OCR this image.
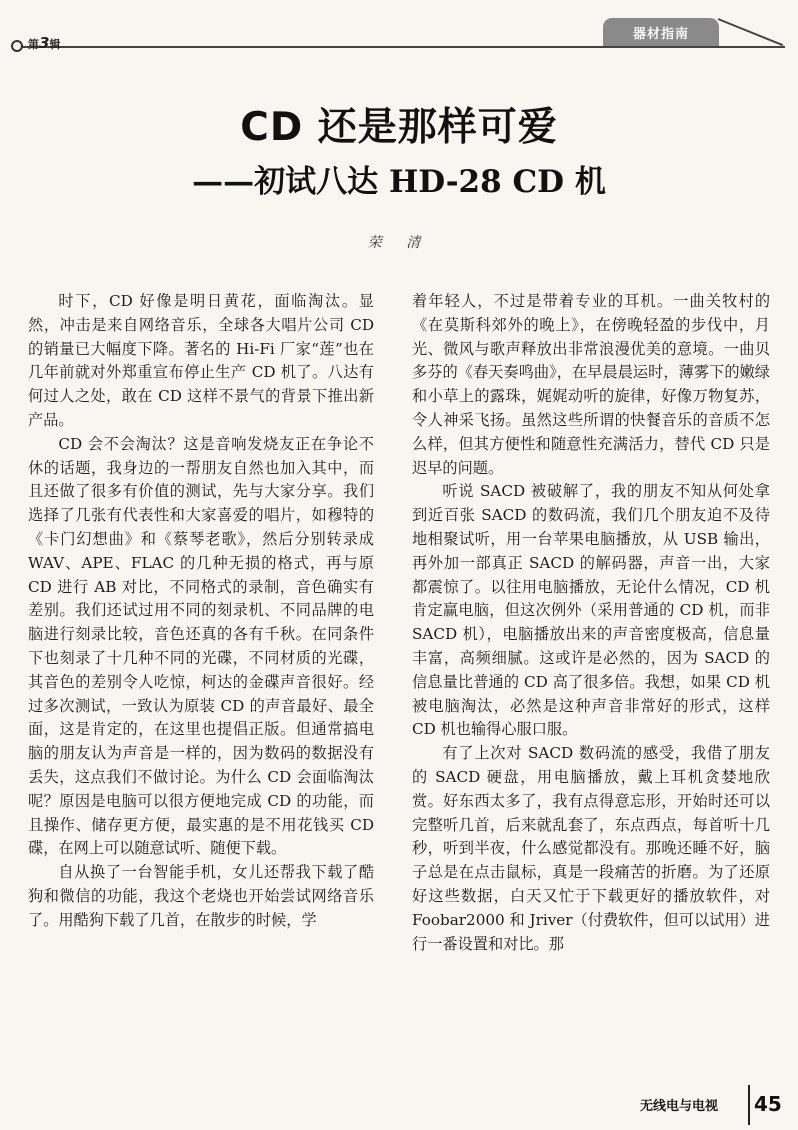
第3辑
器材指南
CD 还是那样可爱
——初试八达 HD-28 CD 机
荣 清

时下，CD 好像是明日黄花，面临淘汰。显然，冲击是来自网络音乐，全球各大唱片公司 CD 的销量已大幅度下降。著名的 Hi-Fi 厂家“莲”也在几年前就对外郑重宣布停止生产 CD 机了。八达有何过人之处，敢在 CD 这样不景气的背景下推出新产品。

CD 会不会淘汰？这是音响发烧友正在争论不休的话题，我身边的一帮朋友自然也加入其中，而且还做了很多有价值的测试，先与大家分享。我们选择了几张有代表性和大家喜爱的唱片，如穆特的《卡门幻想曲》和《蔡琴老歌》，然后分别转录成 WAV、APE、FLAC 的几种无损的格式，再与原 CD 进行 AB 对比，不同格式的录制，音色确实有差别。我们还试过用不同的刻录机、不同品牌的电脑进行刻录比较，音色还真的各有千秋。在同条件下也刻录了十几种不同的光碟，不同材质的光碟，其音色的差别令人吃惊，柯达的金碟声音很好。经过多次测试，一致认为原装 CD 的声音最好、最全面，这是肯定的，在这里也提倡正版。但通常搞电脑的朋友认为声音是一样的，因为数码的数据没有丢失，这点我们不做讨论。为什么 CD 会面临淘汰呢？原因是电脑可以很方便地完成 CD 的功能，而且操作、储存更方便，最实惠的是不用花钱买 CD 碟，在网上可以随意试听、随便下载。

自从换了一台智能手机，女儿还帮我下载了酷狗和微信的功能，我这个老烧也开始尝试网络音乐了。用酷狗下载了几首，在散步的时候，学

着年轻人，不过是带着专业的耳机。一曲关牧村的《在莫斯科郊外的晚上》，在傍晚轻盈的步伐中，月光、微风与歌声释放出非常浪漫优美的意境。一曲贝多芬的《春天奏鸣曲》，在早晨晨运时，薄雾下的嫩绿和小草上的露珠，娓娓动听的旋律，好像万物复苏，令人神采飞扬。虽然这些所谓的快餐音乐的音质不怎么样，但其方便性和随意性充满活力，替代 CD 只是迟早的问题。

听说 SACD 被破解了，我的朋友不知从何处拿到近百张 SACD 的数码流，我们几个朋友迫不及待地相聚试听，用一台苹果电脑播放，从 USB 输出，再外加一部真正 SACD 的解码器，声音一出，大家都震惊了。以往用电脑播放，无论什么情况，CD 机肯定赢电脑，但这次例外（采用普通的 CD 机，而非 SACD 机），电脑播放出来的声音密度极高，信息量丰富，高频细腻。这或许是必然的，因为 SACD 的信息量比普通的 CD 高了很多倍。我想，如果 CD 机被电脑淘汰，必然是这种声音非常好的形式，这样 CD 机也输得心服口服。

有了上次对 SACD 数码流的感受，我借了朋友的 SACD 硬盘，用电脑播放，戴上耳机贪婪地欣赏。好东西太多了，我有点得意忘形，开始时还可以完整听几首，后来就乱套了，东点西点，每首听十几秒，听到半夜，什么感觉都没有。那晚还睡不好，脑子总是在点击鼠标，真是一段痛苦的折磨。为了还原好这些数据，白天又忙于下载更好的播放软件，对 Foobar2000 和 Jriver（付费软件，但可以试用）进行一番设置和对比。那

无线电与电视 45
